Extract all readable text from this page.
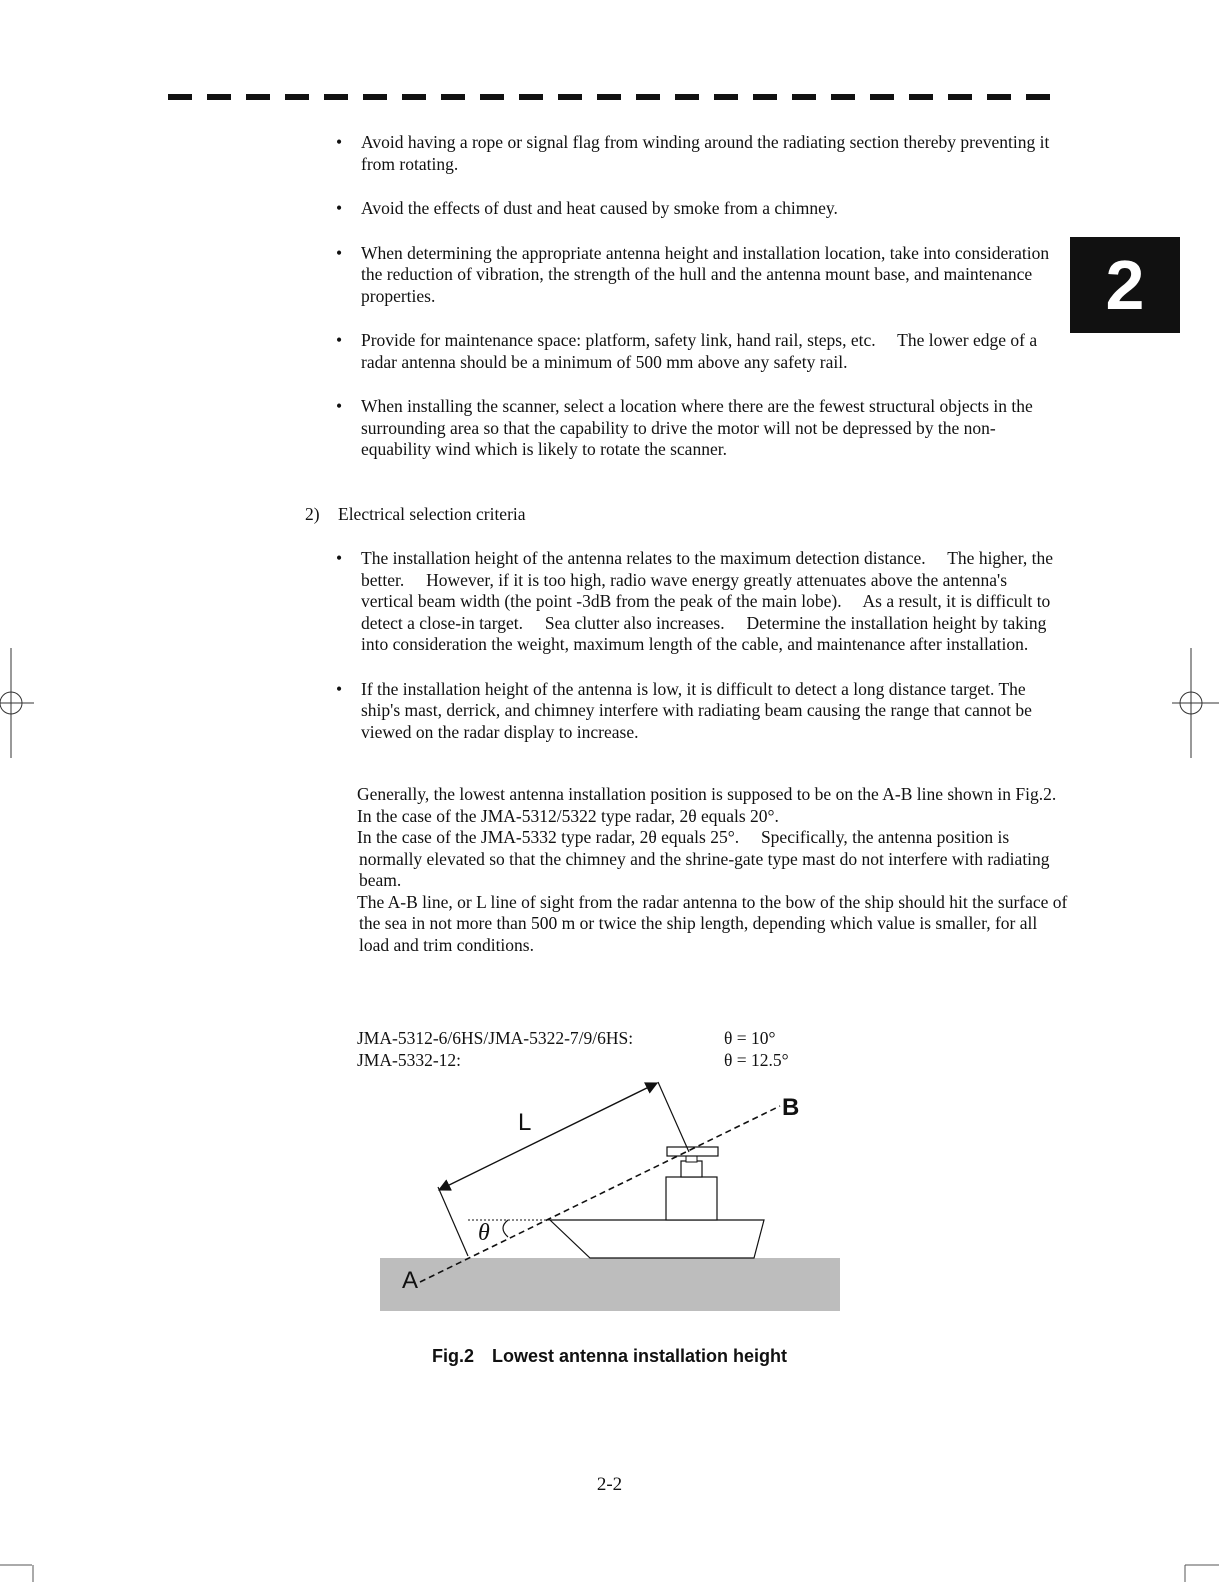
2
• Avoid having a rope or signal flag from winding around the radiating section thereby preventing it from rotating.
• Avoid the effects of dust and heat caused by smoke from a chimney.
• When determining the appropriate antenna height and installation location, take into consideration the reduction of vibration, the strength of the hull and the antenna mount base, and maintenance properties.
• Provide for maintenance space: platform, safety link, hand rail, steps, etc.  The lower edge of a radar antenna should be a minimum of 500 mm above any safety rail.
• When installing the scanner, select a location where there are the fewest structural objects in the surrounding area so that the capability to drive the motor will not be depressed by the non-equability wind which is likely to rotate the scanner.
2) Electrical selection criteria
• The installation height of the antenna relates to the maximum detection distance.  The higher, the better.  However, if it is too high, radio wave energy greatly attenuates above the antenna's vertical beam width (the point -3dB from the peak of the main lobe).  As a result, it is difficult to detect a close-in target.  Sea clutter also increases.  Determine the installation height by taking into consideration the weight, maximum length of the cable, and maintenance after installation.
• If the installation height of the antenna is low, it is difficult to detect a long distance target. The ship's mast, derrick, and chimney interfere with radiating beam causing the range that cannot be viewed on the radar display to increase.

Generally, the lowest antenna installation position is supposed to be on the A-B line shown in Fig.2.

In the case of the JMA-5312/5322 type radar, 2θ equals 20°.

In the case of the JMA-5332 type radar, 2θ equals 25°.  Specifically, the antenna position is normally elevated so that the chimney and the shrine-gate type mast do not interfere with radiating beam.

The A-B line, or L line of sight from the radar antenna to the bow of the ship should hit the surface of the sea in not more than 500 m or twice the ship length, depending which value is smaller, for all load and trim conditions.

JMA-5312-6/6HS/JMA-5322-7/9/6HS:	θ = 10°
JMA-5332-12:	θ = 12.5°
L
θ
A
B
Fig.2 Lowest antenna installation height
2-2
